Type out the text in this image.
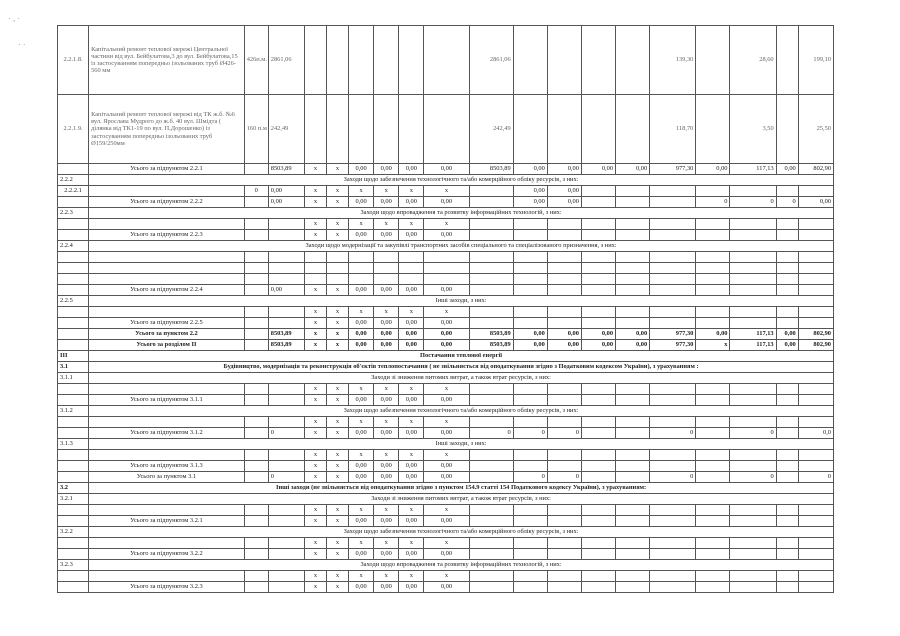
· , ·
· ·
2.2.1.8.	Капітальний ремонт теплової мережі Центральної частини від вул. Бейбулатова,3 до вул. Бейбулатова,15 із застосуванням попередньо ізольованих труб Ø426-560 мм	426п.м.	2861,06							2861,06					139,30		28,60		199,10
2.2.1.9.	Капітальний ремонт теплової мережі від ТК ж.б. №6 вул. Ярослава Мудрого до ж.б. 40 вул. Шмідта ( ділянка від ТК1-19 по вул. П.Дорошенко) із застосуванням попередньо ізольованих труб Ø159/250мм	160 п.м	242,49							242,49					118,70		3,50		25,50
	Усього за підпунктом 2.2.1		8503,89	х	х	0,00	0,00	0,00	0,00	8503,89	0,00	0,00	0,00	0,00	977,30	0,00	117,13	0,00	802,90
2.2.2	Заходи щодо забезпечення технологічного та/або комерційного обліку ресурсів, з них:																		
2.2.2.1		0	0,00	х	х	х	х	х	х		0,00	0,00							
	Усього за підпунктом 2.2.2		0,00	х	х	0,00	0,00	0,00	0,00		0,00	0,00				0	0	0	0,00
2.2.3	Заходи щодо впровадження та розвитку інформаційних технологій, з них:																		
				х	х	х	х	х	х										
	Усього за підпунктом 2.2.3			х	х	0,00	0,00	0,00	0,00										
2.2.4	Заходи щодо модернізації та закупівлі транспортних засобів спеціального та спеціалізованого призначення, з них:																		

	Усього за підпунктом 2.2.4		0,00	х	х	0,00	0,00	0,00	0,00										
2.2.5	Інші заходи, з них:																		
				х	х	х	х	х	х										
	Усього за підпунктом 2.2.5			х	х	0,00	0,00	0,00	0,00										
	Усього за пунктом 2.2		8503,89	х	х	0,00	0,00	0,00	0,00	8503,89	0,00	0,00	0,00	0,00	977,30	0,00	117,13	0,00	802,90
	Усього за розділом ІІ		8503,89	х	х	0,00	0,00	0,00	0,00	8503,89	0,00	0,00	0,00	0,00	977,30	х	117,13	0,00	802,90
ІІІ	Постачання теплової енергії																		
3.1	Будівництво, модернізація та реконструкція об'єктів теплопостачання ( не звільняється від оподаткування згідно з Податковим кодексом України), з урахуванням :																		
3.1.1	Заходи зі зниження питомих витрат, а також втрат ресурсів, з них:																		
				х	х	х	х	х	х										
	Усього за підпунктом 3.1.1			х	х	0,00	0,00	0,00	0,00										
3.1.2	Заходи щодо забезпечення технологічного та/або комерційного обліку ресурсів, з них:																		
				х	х	х	х	х	х										
	Усього за підпунктом 3.1.2		0	х	х	0,00	0,00	0,00	0,00	0	0	0			0		0		0,0
3.1.3	Інші заходи, з них:																		
				х	х	х	х	х	х										
	Усього за підпунктом 3.1.3			х	х	0,00	0,00	0,00	0,00										
	Усього за пунктом 3.1		0	х	х	0,00	0,00	0,00	0,00		0	0			0		0		0
3.2	Інші заходи (не звільняється від оподаткування згідно з пунктом 154.9 статті 154 Податкового кодексу України), з урахуванням:																		
3.2.1	Заходи зі зниження питомих витрат, а також втрат ресурсів, з них:																		
				х	х	х	х	х	х										
	Усього за підпунктом 3.2.1			х	х	0,00	0,00	0,00	0,00										
3.2.2	Заходи щодо забезпечення технологічного та/або комерційного обліку ресурсів, з них:																		
				х	х	х	х	х	х										
	Усього за підпунктом 3.2.2			х	х	0,00	0,00	0,00	0,00										
3.2.3	Заходи щодо впровадження та розвитку інформаційних технологій, з них:																		
				х	х	х	х	х	х										
	Усього за підпунктом 3.2.3			х	х	0,00	0,00	0,00	0,00										
